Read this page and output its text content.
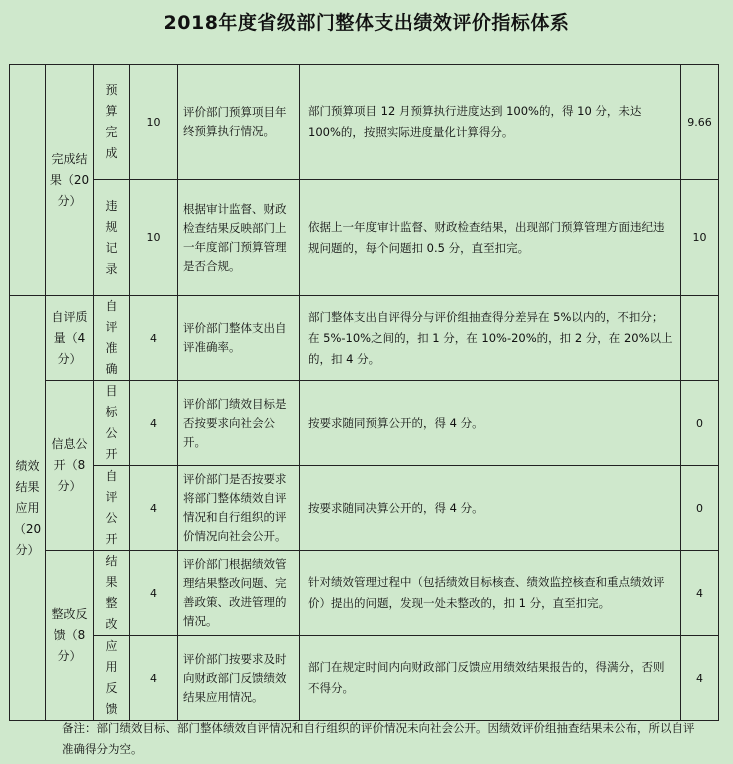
2018年度省级部门整体支出绩效评价指标体系
	完成结果（20分）	预算完成	10	评价部门预算项目年终预算执行情况。	部门预算项目 12 月预算执行进度达到 100%的，得 10 分，未达 100%的，按照实际进度量化计算得分。	9.66
		违规记录	10	根据审计监督、财政检查结果反映部门上一年度部门预算管理是否合规。	依据上一年度审计监督、财政检查结果，出现部门预算管理方面违纪违规问题的，每个问题扣 0.5 分，直至扣完。	10
绩效结果应用（20分）	自评质量（4分）	自评准确	4	评价部门整体支出自评准确率。	部门整体支出自评得分与评价组抽查得分差异在 5%以内的，不扣分；在 5%-10%之间的，扣 1 分，在 10%-20%的，扣 2 分，在 20%以上的，扣 4 分。	
	信息公开（8分）	目标公开	4	评价部门绩效目标是否按要求向社会公开。	按要求随同预算公开的，得 4 分。	0
		自评公开	4	评价部门是否按要求将部门整体绩效自评情况和自行组织的评价情况向社会公开。	按要求随同决算公开的，得 4 分。	0
	整改反馈（8分）	结果整改	4	评价部门根据绩效管理结果整改问题、完善政策、改进管理的情况。	针对绩效管理过程中（包括绩效目标核查、绩效监控核查和重点绩效评价）提出的问题，发现一处未整改的，扣 1 分，直至扣完。	4
		应用反馈	4	评价部门按要求及时向财政部门反馈绩效结果应用情况。	部门在规定时间内向财政部门反馈应用绩效结果报告的，得满分，否则不得分。	4
备注：部门绩效目标、部门整体绩效自评情况和自行组织的评价情况未向社会公开。因绩效评价组抽查结果未公布，所以自评准确得分为空。
